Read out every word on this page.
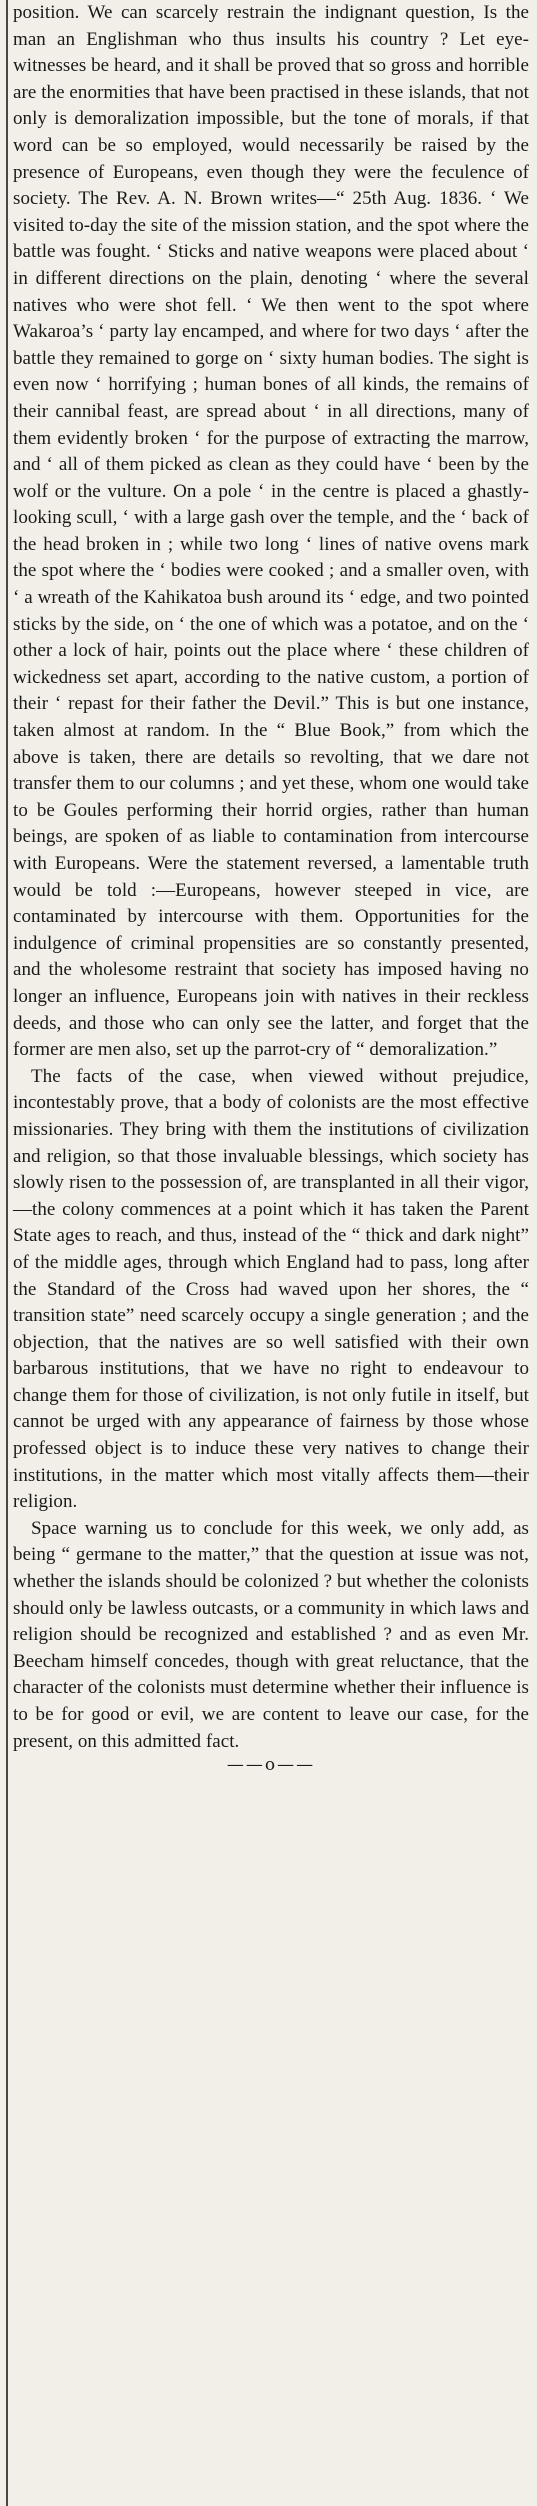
position. We can scarcely restrain the indignant question, Is the man an Englishman who thus insults his country ? Let eye-witnesses be heard, and it shall be proved that so gross and horrible are the enormities that have been practised in these islands, that not only is demoralization impossible, but the tone of morals, if that word can be so employed, would necessarily be raised by the presence of Europeans, even though they were the feculence of society. The Rev. A. N. Brown writes—“ 25th Aug. 1836. ‘ We visited to-day the site of the mission station, and the spot where the battle was fought. ‘ Sticks and native weapons were placed about ‘ in different directions on the plain, denoting ‘ where the several natives who were shot fell. ‘ We then went to the spot where Wakaroa’s ‘ party lay encamped, and where for two days ‘ after the battle they remained to gorge on ‘ sixty human bodies. The sight is even now ‘ horrifying ; human bones of all kinds, the remains of their cannibal feast, are spread about ‘ in all directions, many of them evidently broken ‘ for the purpose of extracting the marrow, and ‘ all of them picked as clean as they could have ‘ been by the wolf or the vulture. On a pole ‘ in the centre is placed a ghastly-looking scull, ‘ with a large gash over the temple, and the ‘ back of the head broken in ; while two long ‘ lines of native ovens mark the spot where the ‘ bodies were cooked ; and a smaller oven, with ‘ a wreath of the Kahikatoa bush around its ‘ edge, and two pointed sticks by the side, on ‘ the one of which was a potatoe, and on the ‘ other a lock of hair, points out the place where ‘ these children of wickedness set apart, according to the native custom, a portion of their ‘ repast for their father the Devil.” This is but one instance, taken almost at random. In the “ Blue Book,” from which the above is taken, there are details so revolting, that we dare not transfer them to our columns ; and yet these, whom one would take to be Goules performing their horrid orgies, rather than human beings, are spoken of as liable to contamination from intercourse with Europeans. Were the statement reversed, a lamentable truth would be told :—Europeans, however steeped in vice, are contaminated by intercourse with them. Opportunities for the indulgence of criminal propensities are so constantly presented, and the wholesome restraint that society has imposed having no longer an influence, Europeans join with natives in their reckless deeds, and those who can only see the latter, and forget that the former are men also, set up the parrot-cry of “ demoralization.”

The facts of the case, when viewed without prejudice, incontestably prove, that a body of colonists are the most effective missionaries. They bring with them the institutions of civilization and religion, so that those invaluable blessings, which society has slowly risen to the possession of, are transplanted in all their vigor, —the colony commences at a point which it has taken the Parent State ages to reach, and thus, instead of the “ thick and dark night” of the middle ages, through which England had to pass, long after the Standard of the Cross had waved upon her shores, the “ transition state” need scarcely occupy a single generation ; and the objection, that the natives are so well satisfied with their own barbarous institutions, that we have no right to endeavour to change them for those of civilization, is not only futile in itself, but cannot be urged with any appearance of fairness by those whose professed object is to induce these very natives to change their institutions, in the matter which most vitally affects them—their religion.

Space warning us to conclude for this week, we only add, as being “ germane to the matter,” that the question at issue was not, whether the islands should be colonized ? but whether the colonists should only be lawless outcasts, or a community in which laws and religion should be recognized and established ? and as even Mr. Beecham himself concedes, though with great reluctance, that the character of the colonists must determine whether their influence is to be for good or evil, we are content to leave our case, for the present, on this admitted fact.

——o——
